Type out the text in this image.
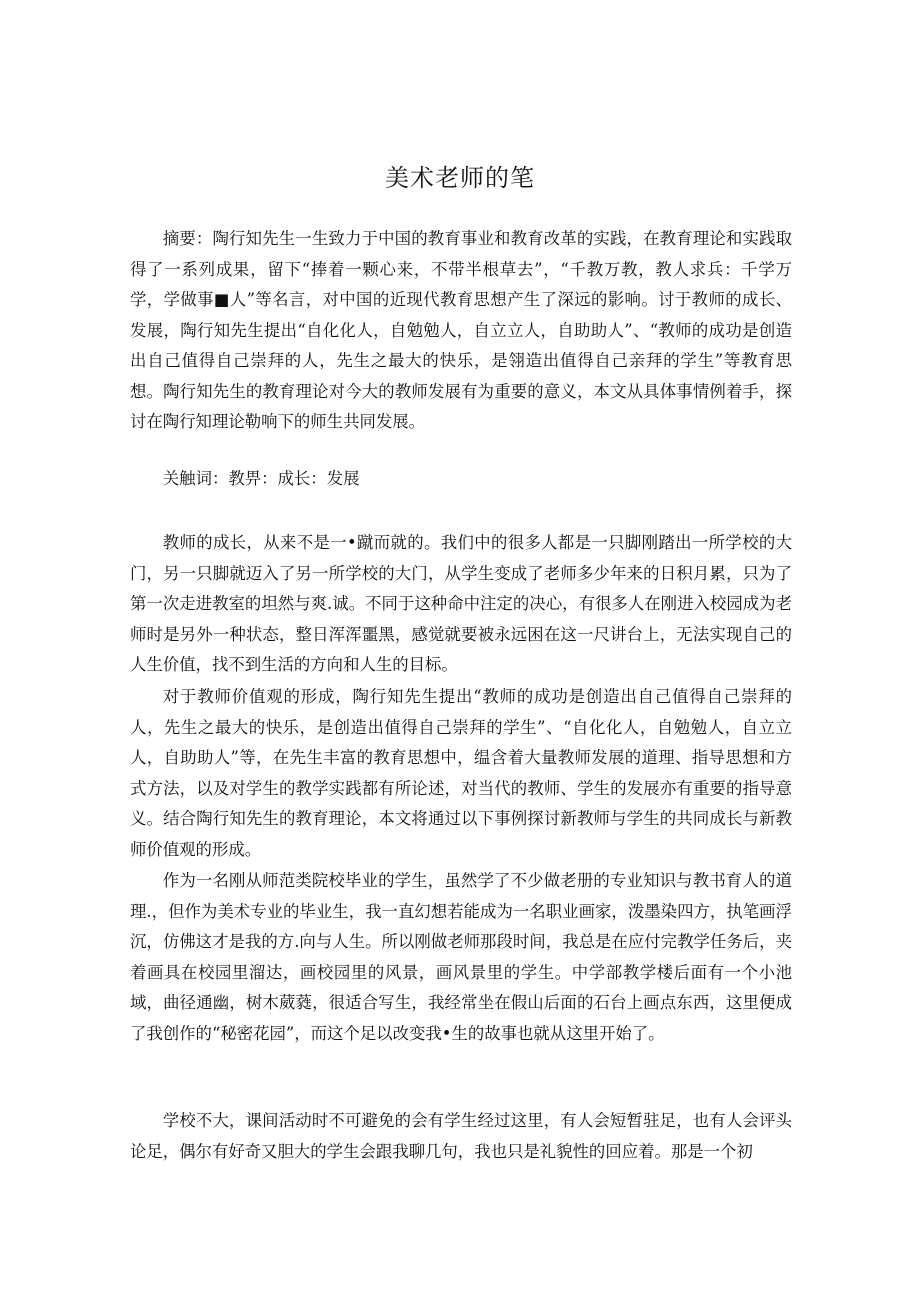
美术老师的笔
摘要：陶行知先生一生致力于中国的教育事业和教育改革的实践，在教育理论和实践取得了一系列成果，留下“捧着一颗心来，不带半根草去”，“千教万教，教人求兵：千学万学，学做事■人”等名言，对中国的近现代教育思想产生了深远的影响。讨于教师的成长、发展，陶行知先生提出“自化化人，自勉勉人，自立立人，自助助人”、“教师的成功是创造出自己值得自己崇拜的人，先生之最大的快乐，是翎造出值得自己亲拜的学生”等教育思想。陶行知先生的教育理论对今大的教师发展有为重要的意义，本文从具体事情例着手，探讨在陶行知理论勒响下的师生共同发展。
关触词：教畀：成长：发展
教师的成长，从来不是一•蹴而就的。我们中的很多人都是一只脚刚踏出一所学校的大门，另一只脚就迈入了另一所学校的大门，从学生变成了老师多少年来的日积月累，只为了第一次走进教室的坦然与爽.诚。不同于这种命中注定的决心，有很多人在刚进入校园成为老师时是另外一种状态，整日浑浑噩黑，感觉就要被永远困在这一尺讲台上，无法实现自己的人生价值，找不到生活的方向和人生的目标。
对于教师价值观的形成，陶行知先生提出“教师的成功是创造出自己值得自己崇拜的人，先生之最大的快乐，是创造出值得自己崇拜的学生”、“自化化人，自勉勉人，自立立人，自助助人”等，在先生丰富的教育思想中，缊含着大量教师发展的道理、指导思想和方式方法，以及对学生的教学实践都有所论述，对当代的教师、学生的发展亦有重要的指导意义。结合陶行知先生的教育理论，本文将通过以下事例探讨新教师与学生的共同成长与新教师价值观的形成。
作为一名刚从师范类院校毕业的学生，虽然学了不少做老册的专业知识与教书育人的道理.，但作为美术专业的毕业生，我一直幻想若能成为一名职业画家，泼墨染四方，执笔画浮沉，仿佛这才是我的方.向与人生。所以刚做老师那段时间，我总是在应付完教学任务后，夹着画具在校园里溜达，画校园里的风景，画风景里的学生。中学部教学楼后面有一个小池域，曲径通幽，树木葳蕤，很适合写生，我经常坐在假山后面的石台上画点东西，这里便成了我创作的“秘密花园”，而这个足以改变我•生的故事也就从这里开始了。
学校不大，课间活动时不可避免的会有学生经过这里，有人会短暂驻足，也有人会评头论足，偶尔有好奇又胆大的学生会跟我聊几句，我也只是礼貌性的回应着。那是一个初
